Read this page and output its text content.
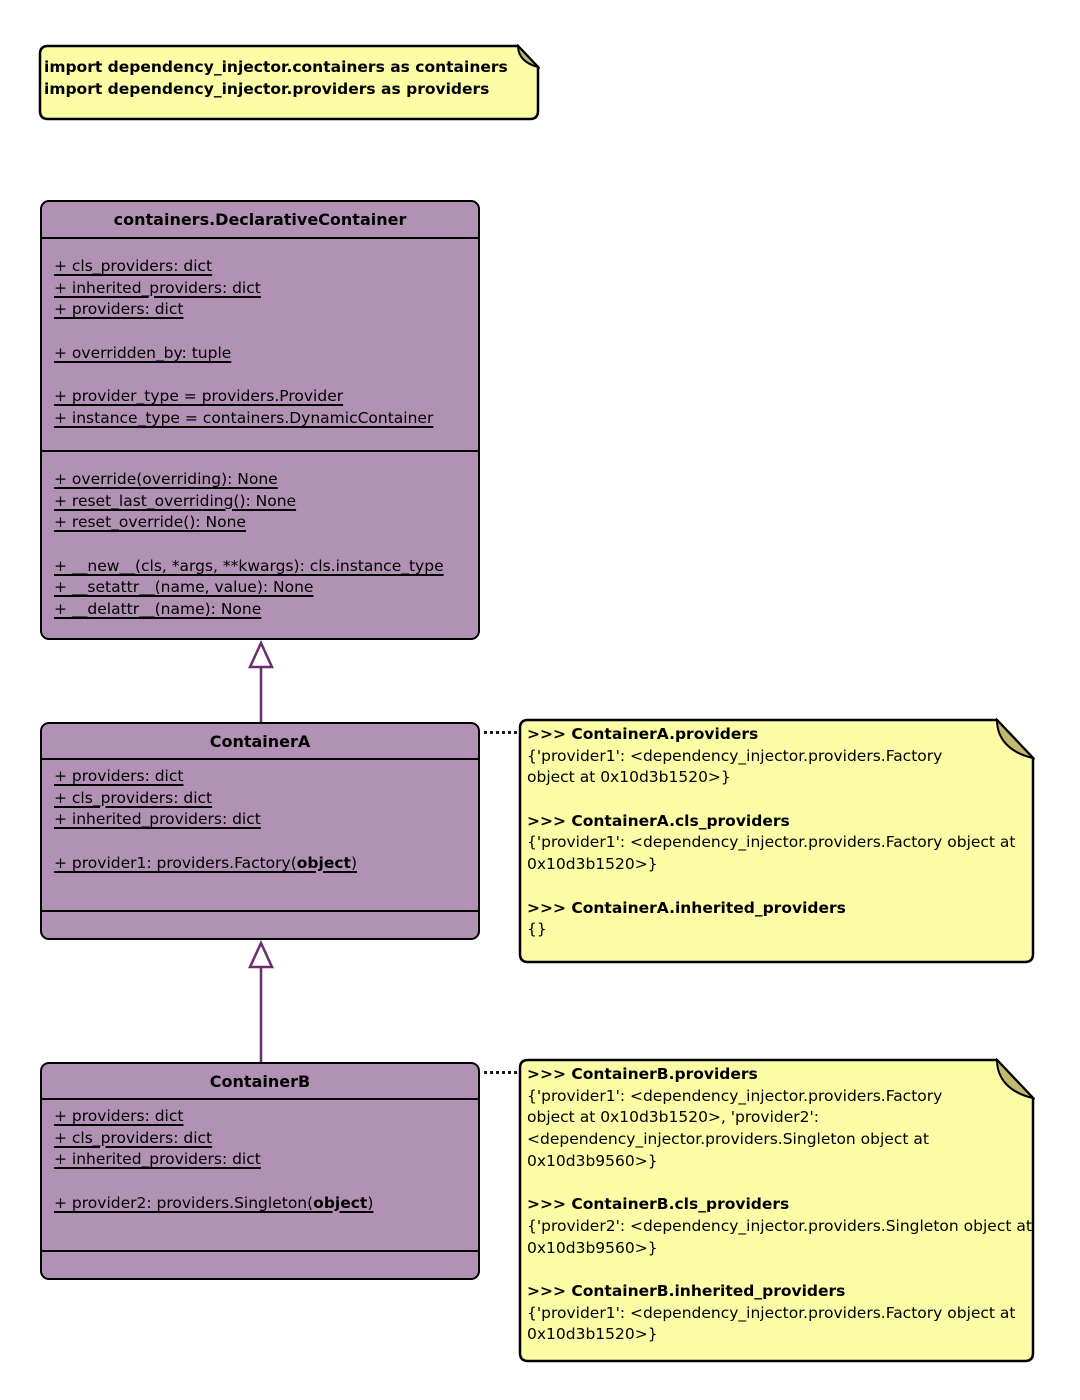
import dependency_injector.containers as containers
import dependency_injector.providers as providers
containers.DeclarativeContainer
+ cls_providers: dict
+ inherited_providers: dict
+ providers: dict
+ overridden_by: tuple
+ provider_type = providers.Provider
+ instance_type = containers.DynamicContainer
+ override(overriding): None
+ reset_last_overriding(): None
+ reset_override(): None
+ __new__(cls, *args, **kwargs): cls.instance_type
+ __setattr__(name, value): None
+ __delattr__(name): None
ContainerA
+ providers: dict
+ cls_providers: dict
+ inherited_providers: dict
+ provider1: providers.Factory(object)
>>> ContainerA.providers
{'provider1': <dependency_injector.providers.Factory
object at 0x10d3b1520>}
>>> ContainerA.cls_providers
{'provider1': <dependency_injector.providers.Factory object at
0x10d3b1520>}
>>> ContainerA.inherited_providers
{}
ContainerB
+ providers: dict
+ cls_providers: dict
+ inherited_providers: dict
+ provider2: providers.Singleton(object)
>>> ContainerB.providers
{'provider1': <dependency_injector.providers.Factory
object at 0x10d3b1520>, 'provider2':
<dependency_injector.providers.Singleton object at
0x10d3b9560>}
>>> ContainerB.cls_providers
{'provider2': <dependency_injector.providers.Singleton object at
0x10d3b9560>}
>>> ContainerB.inherited_providers
{'provider1': <dependency_injector.providers.Factory object at
0x10d3b1520>}
